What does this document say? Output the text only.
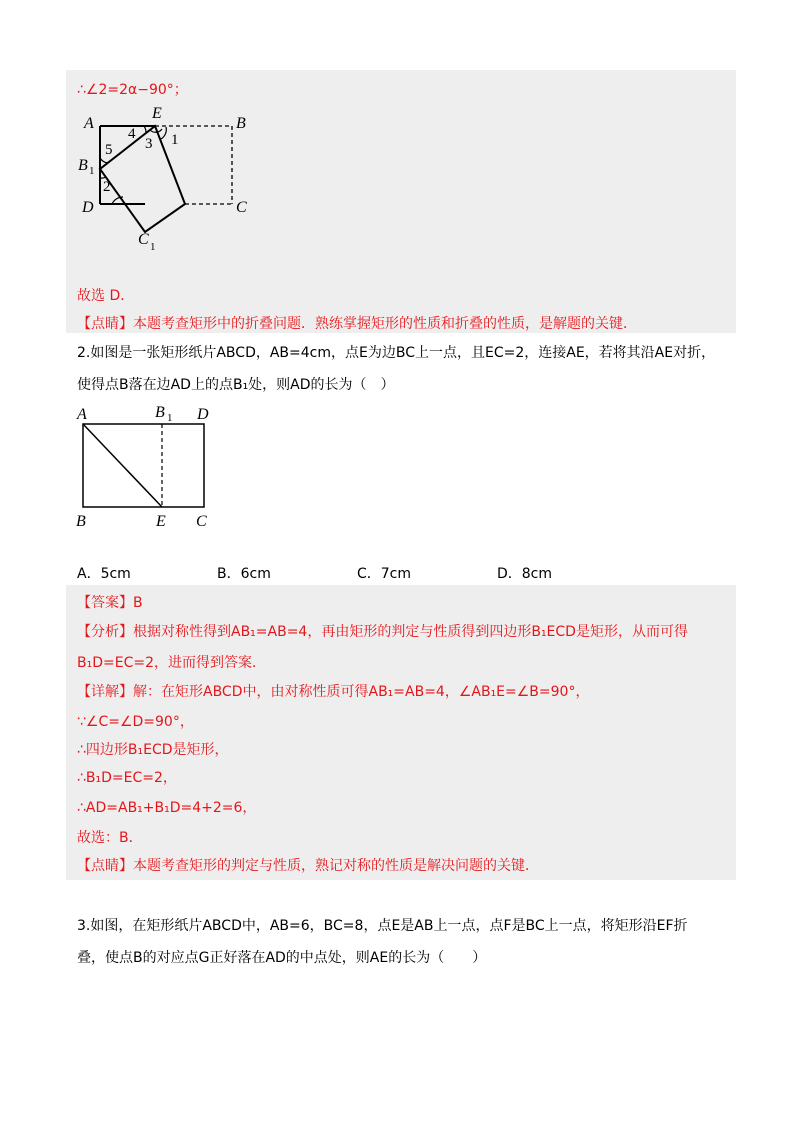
∴∠2=2α−90°；
A
E
B
B
D	C
C
1
1
4
3
5
1
2
故选 D．
【点睛】本题考查矩形中的折叠问题．熟练掌握矩形的性质和折叠的性质，是解题的关键．
2.如图是一张矩形纸片ABCD，AB=4cm，点E为边BC上一点，且EC=2，连接AE，若将其沿AE对折，
使得点B落在边AD上的点B₁处，则AD的长为（　）
A	B D
B	E C
1
A．5cm	B．6cm	C．7cm	D．8cm
【答案】B
【分析】根据对称性得到AB₁=AB=4，再由矩形的判定与性质得到四边形B₁ECD是矩形，从而可得
B₁D=EC=2，进而得到答案．
【详解】解：在矩形ABCD中，由对称性质可得AB₁=AB=4，∠AB₁E=∠B=90°，
∵∠C=∠D=90°，
∴四边形B₁ECD是矩形，
∴B₁D=EC=2，
∴AD=AB₁+B₁D=4+2=6，
故选：B．
【点睛】本题考查矩形的判定与性质，熟记对称的性质是解决问题的关键．
3.如图，在矩形纸片ABCD中，AB=6，BC=8，点E是AB上一点，点F是BC上一点，将矩形沿EF折
叠，使点B的对应点G正好落在AD的中点处，则AE的长为（　　）
